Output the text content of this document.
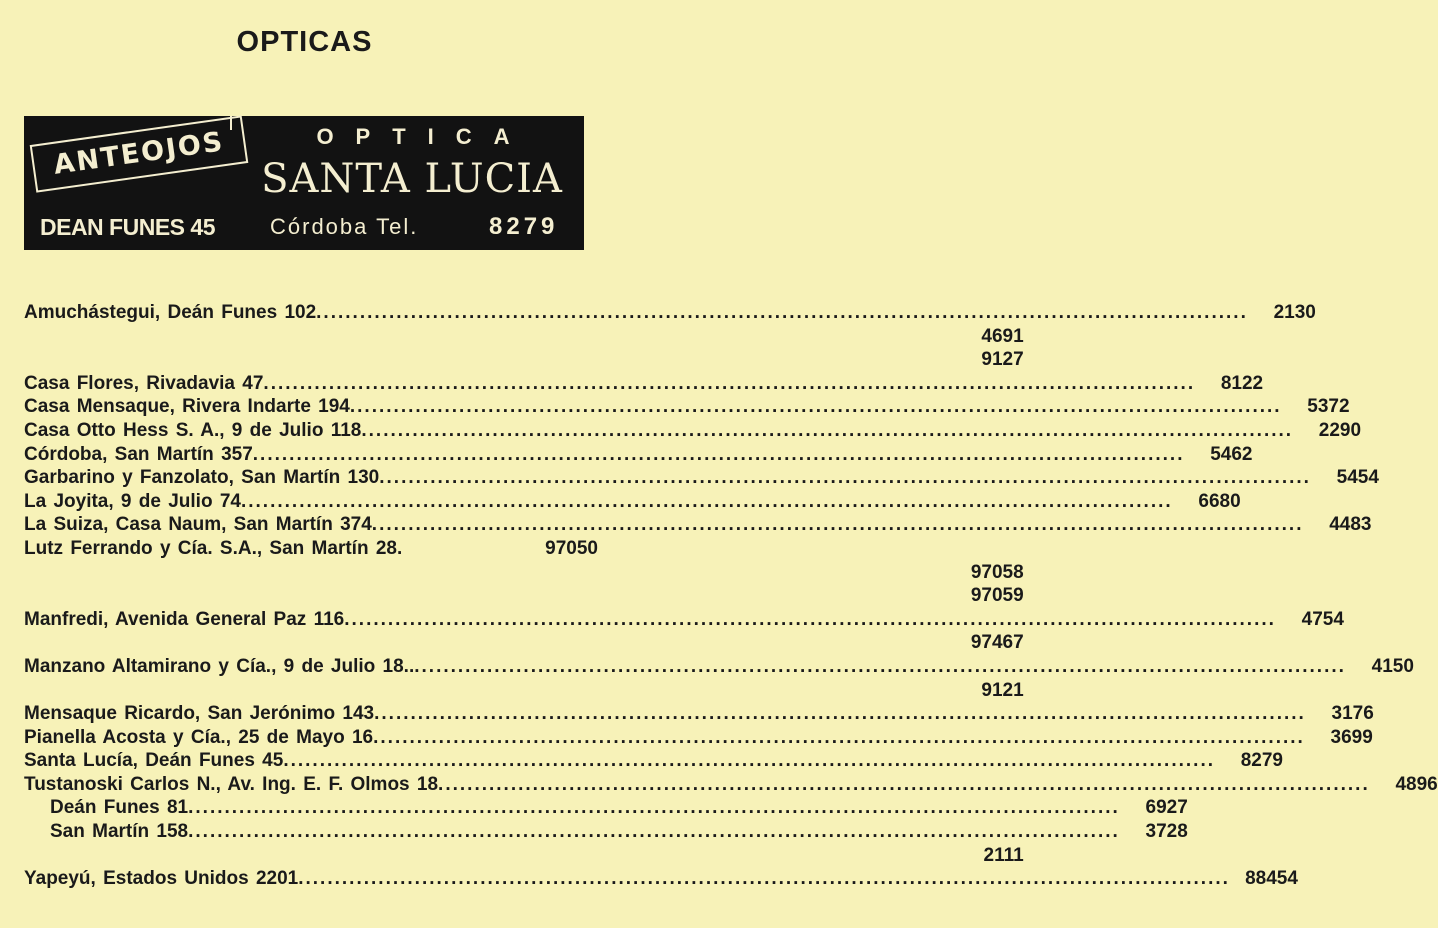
OPTICAS
ANTEOJOS	OPTICA
SANTA LUCIA
DEAN FUNES 45	Córdoba Tel.	8279
Amuchástegui, Deán Funes 102 .....	2130
4691
9127
Casa Flores, Rivadavia 47 .....	8122
Casa Mensaque, Rivera Indarte 194 .....	5372
Casa Otto Hess S. A., 9 de Julio 118 .....	2290
Córdoba, San Martín 357 .....	5462
Garbarino y Fanzolato, San Martín 130 .....	5454
La Joyita, 9 de Julio 74 .....	6680
La Suiza, Casa Naum, San Martín 374 .....	4483
Lutz Ferrando y Cía. S.A., San Martín 28.	97050
97058
97059
Manfredi, Avenida General Paz 116 .....	4754
97467
Manzano Altamirano y Cía., 9 de Julio 18.. .....	4150
9121
Mensaque Ricardo, San Jerónimo 143 .....	3176
Pianella Acosta y Cía., 25 de Mayo 16 .....	3699
Santa Lucía, Deán Funes 45 .....	8279
Tustanoski Carlos N., Av. Ing. E. F. Olmos 18 .....	4896
Deán Funes 81 .....	6927
San Martín 158 .....	3728
2111
Yapeyú, Estados Unidos 2201 .....	88454
